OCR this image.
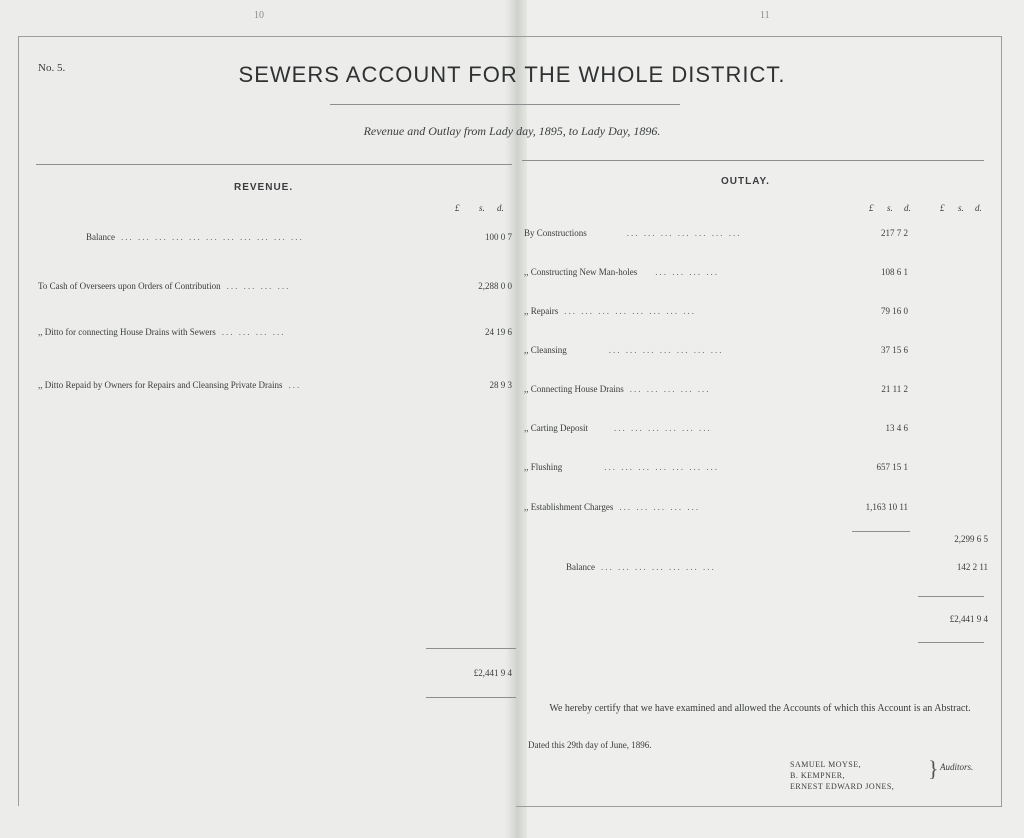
10	11
No. 5.	SEWERS ACCOUNT FOR THE WHOLE DISTRICT.
Revenue and Outlay from Lady day, 1895, to Lady Day, 1896.
REVENUE.
£ s. d.
Balance ... ... ... ... ... ... ... ... ... ... ...	100 0 7
To Cash of Overseers upon Orders of Contribution ... ... ... ...	2,288 0 0
,, Ditto for connecting House Drains with Sewers ... ... ... ...	24 19 6
,, Ditto Repaid by Owners for Repairs and Cleansing Private Drains ...	28 9 3
£2,441 9 4
OUTLAY.
£ s. d.	£ s. d.
By Constructions	... ... ... ... ... ... ...	217 7 2
,, Constructing New Man-holes ... ... ... ...	108 6 1
,, Repairs ... ... ... ... ... ... ... ...	79 16 0
,, Cleansing	... ... ... ... ... ... ...	37 15 6
,, Connecting House Drains ... ... ... ... ...	21 11 2
,, Carting Deposit	... ... ... ... ... ...	13 4 6
,, Flushing	... ... ... ... ... ... ...	657 15 1
,, Establishment Charges ... ... ... ... ...	1,163 10 11
2,299 6 5
Balance ... ... ... ... ... ... ...	142 2 11
£2,441 9 4
We hereby certify that we have examined and allowed the Accounts of which this Account is an Abstract.
Dated this 29th day of June, 1896.
SAMUEL MOYSE,
B. KEMPNER,
ERNEST EDWARD JONES,
} Auditors.
